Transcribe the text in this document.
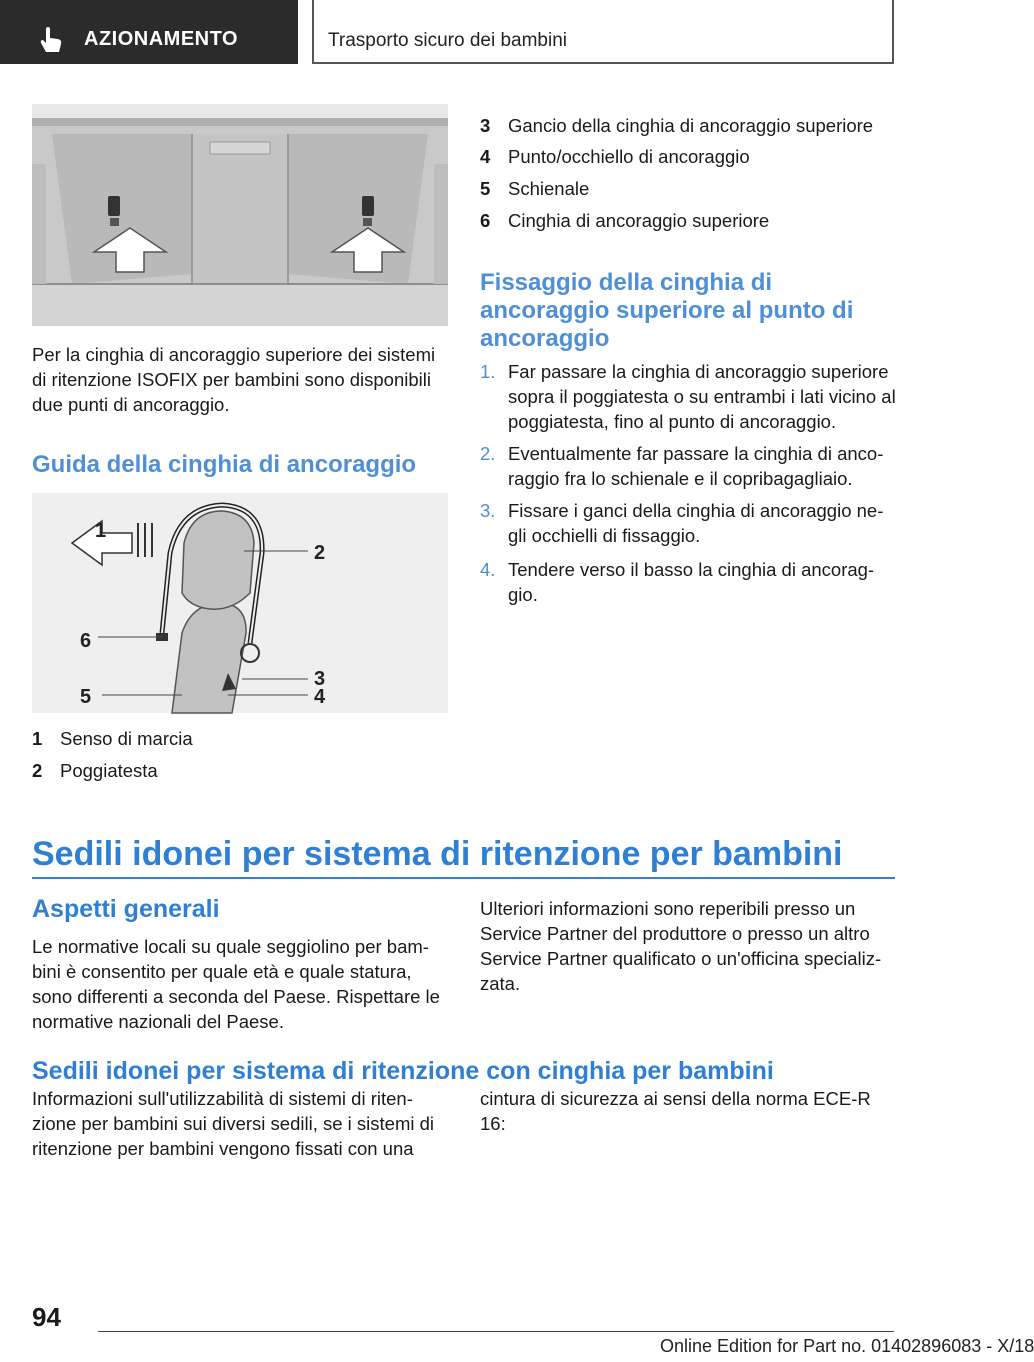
AZIONAMENTO	Trasporto sicuro dei bambini
Per la cinghia di ancoraggio superiore dei sistemi di ritenzione ISOFIX per bambini sono disponibili due punti di ancoraggio.
Guida della cinghia di ancoraggio
1
2
6
3
5	4
1 Senso di marcia
2 Poggiatesta
3 Gancio della cinghia di ancoraggio superiore
4 Punto/occhiello di ancoraggio
5 Schienale
6 Cinghia di ancoraggio superiore
Fissaggio della cinghia di ancoraggio superiore al punto di ancoraggio
1. Far passare la cinghia di ancoraggio superiore sopra il poggiatesta o su entrambi i lati vicino al poggiatesta, fino al punto di ancoraggio.
2. Eventualmente far passare la cinghia di anco‐raggio fra lo schienale e il copribagagliaio.
3. Fissare i ganci della cinghia di ancoraggio ne‐gli occhielli di fissaggio.
4. Tendere verso il basso la cinghia di ancorag‐gio.
Sedili idonei per sistema di ritenzione per bambini
Aspetti generali
Le normative locali su quale seggiolino per bam‐bini è consentito per quale età e quale statura, sono differenti a seconda del Paese. Rispettare le normative nazionali del Paese.
Ulteriori informazioni sono reperibili presso un Service Partner del produttore o presso un altro Service Partner qualificato o un'officina specializ‐zata.
Sedili idonei per sistema di ritenzione con cinghia per bambini
Informazioni sull'utilizzabilità di sistemi di riten‐zione per bambini sui diversi sedili, se i sistemi di ritenzione per bambini vengono fissati con una
cintura di sicurezza ai sensi della norma ECE-R 16:
94
Online Edition for Part no. 01402896083 - X/18
